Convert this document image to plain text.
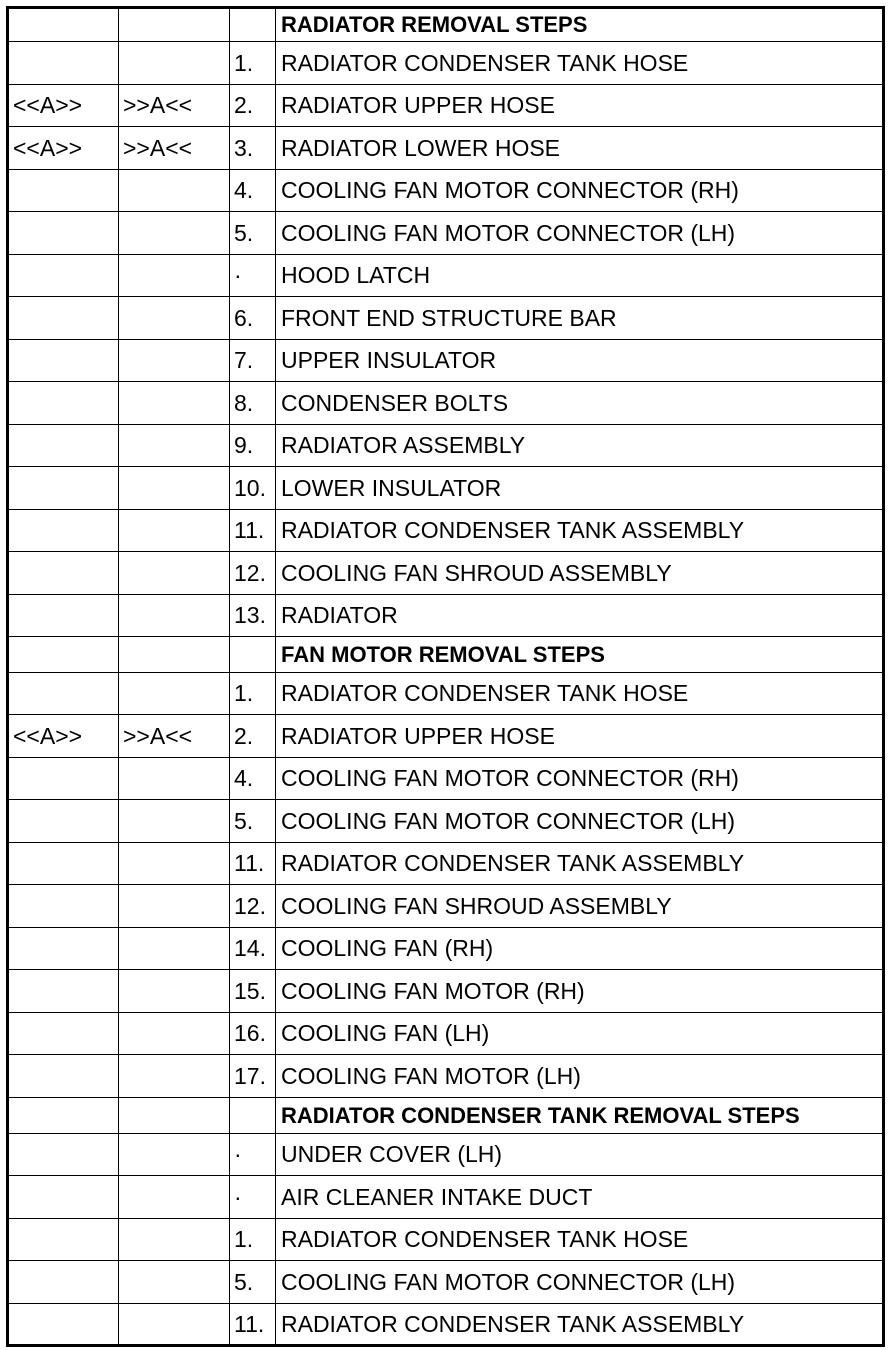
			RADIATOR REMOVAL STEPS
		1.	RADIATOR CONDENSER TANK HOSE
<<A>>	>>A<<	2.	RADIATOR UPPER HOSE
<<A>>	>>A<<	3.	RADIATOR LOWER HOSE
		4.	COOLING FAN MOTOR CONNECTOR (RH)
		5.	COOLING FAN MOTOR CONNECTOR (LH)
		·	HOOD LATCH
		6.	FRONT END STRUCTURE BAR
		7.	UPPER INSULATOR
		8.	CONDENSER BOLTS
		9.	RADIATOR ASSEMBLY
		10.	LOWER INSULATOR
		11.	RADIATOR CONDENSER TANK ASSEMBLY
		12.	COOLING FAN SHROUD ASSEMBLY
		13.	RADIATOR
			FAN MOTOR REMOVAL STEPS
		1.	RADIATOR CONDENSER TANK HOSE
<<A>>	>>A<<	2.	RADIATOR UPPER HOSE
		4.	COOLING FAN MOTOR CONNECTOR (RH)
		5.	COOLING FAN MOTOR CONNECTOR (LH)
		11.	RADIATOR CONDENSER TANK ASSEMBLY
		12.	COOLING FAN SHROUD ASSEMBLY
		14.	COOLING FAN (RH)
		15.	COOLING FAN MOTOR (RH)
		16.	COOLING FAN (LH)
		17.	COOLING FAN MOTOR (LH)
			RADIATOR CONDENSER TANK REMOVAL STEPS
		·	UNDER COVER (LH)
		·	AIR CLEANER INTAKE DUCT
		1.	RADIATOR CONDENSER TANK HOSE
		5.	COOLING FAN MOTOR CONNECTOR (LH)
		11.	RADIATOR CONDENSER TANK ASSEMBLY
